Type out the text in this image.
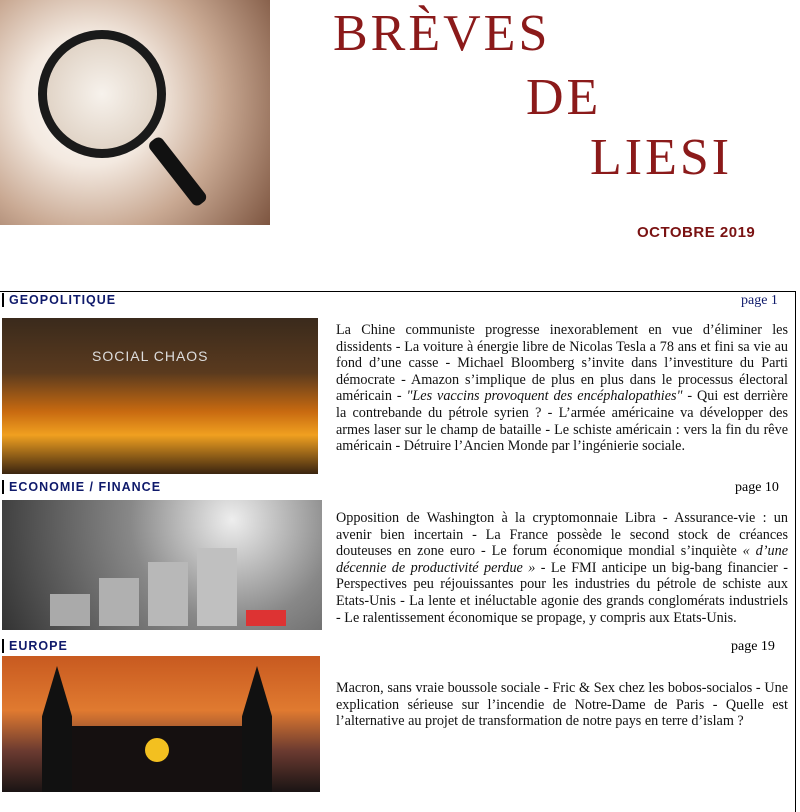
BRÈVES
DE
LIESI
OCTOBRE 2019
GEOPOLITIQUE	page 1
SOCIAL CHAOS
La Chine communiste progresse inexorablement en vue d’éliminer les dissidents - La voiture à énergie libre de Nicolas Tesla a 78 ans et fini sa vie au fond d’une casse - Michael Bloomberg s’invite dans l’investiture du Parti démocrate - Amazon s’implique de plus en plus dans le processus électoral américain - "Les vaccins provoquent des encéphalopathies" - Qui est derrière la contrebande du pétrole syrien ? - L’armée américaine va développer des armes laser sur le champ de bataille - Le schiste américain : vers la fin du rêve américain - Détruire l’Ancien Monde par l’ingénierie sociale.
ECONOMIE / FINANCE	page 10
Opposition de Washington à la cryptomonnaie Libra - Assurance-vie : un avenir bien incertain - La France possède le second stock de créances douteuses en zone euro - Le forum économique mondial s’inquiète « d’une décennie de productivité perdue » - Le FMI anticipe un big-bang financier - Perspectives peu réjouissantes pour les industries du pétrole de schiste aux Etats-Unis - La lente et inéluctable agonie des grands conglomérats industriels - Le ralentissement économique se propage, y compris aux Etats-Unis.
EUROPE	page 19
Macron, sans vraie boussole sociale - Fric & Sex chez les bobos-socialos - Une explication sérieuse sur l’incendie de Notre-Dame de Paris - Quelle est l’alternative au projet de transformation de notre pays en terre d’islam ?
